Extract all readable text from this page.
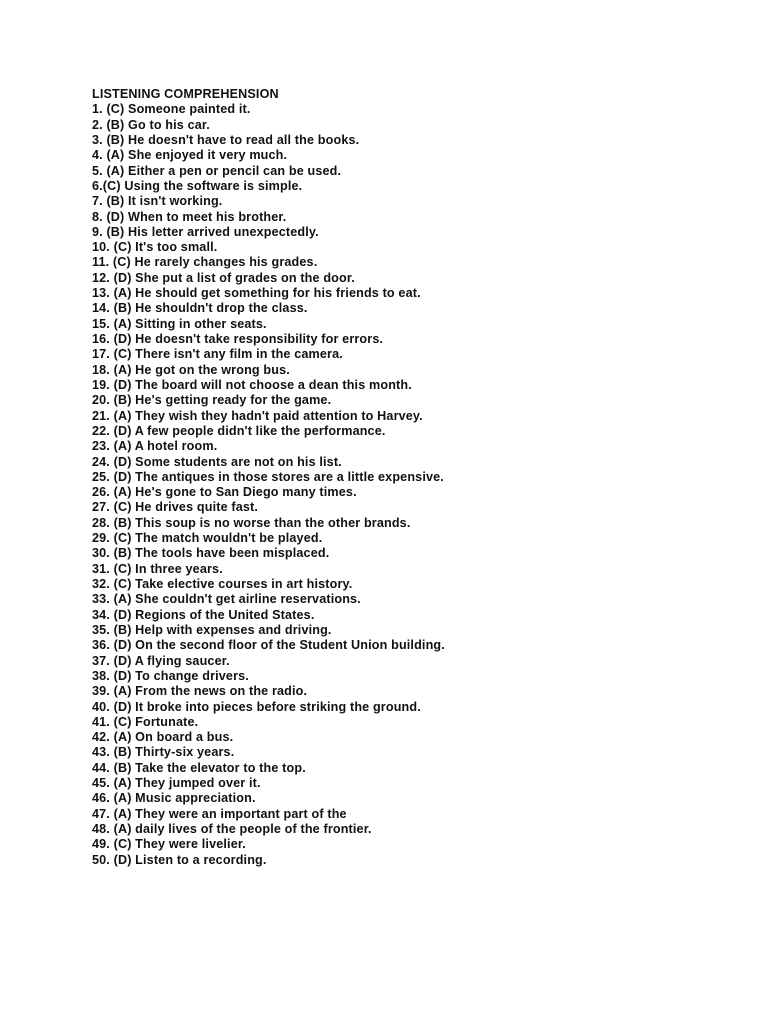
LISTENING COMPREHENSION
1. (C) Someone painted it.
2. (B) Go to his car.
3. (B) He doesn't have to read all the books.
4. (A) She enjoyed it very much.
5. (A) Either a pen or pencil can be used.
6.(C) Using the software is simple.
7. (B) It isn't working.
8. (D) When to meet his brother.
9. (B) His letter arrived unexpectedly.
10. (C) It's too small.
11. (C) He rarely changes his grades.
12. (D) She put a list of grades on the door.
13. (A) He should get something for his friends to eat.
14. (B) He shouldn't drop the class.
15. (A) Sitting in other seats.
16. (D) He doesn't take responsibility for errors.
17. (C) There isn't any film in the camera.
18. (A) He got on the wrong bus.
19. (D) The board will not choose a dean this month.
20. (B) He's getting ready for the game.
21. (A) They wish they hadn't paid attention to Harvey.
22. (D) A few people didn't like the performance.
23. (A) A hotel room.
24. (D) Some students are not on his list.
25. (D) The antiques in those stores are a little expensive.
26. (A) He's gone to San Diego many times.
27. (C) He drives quite fast.
28. (B) This soup is no worse than the other brands.
29. (C) The match wouldn't be played.
30. (B) The tools have been misplaced.
31. (C) In three years.
32. (C) Take elective courses in art history.
33. (A) She couldn't get airline reservations.
34. (D) Regions of the United States.
35. (B) Help with expenses and driving.
36. (D) On the second floor of the Student Union building.
37. (D) A flying saucer.
38. (D) To change drivers.
39. (A) From the news on the radio.
40. (D) It broke into pieces before striking the ground.
41. (C) Fortunate.
42. (A) On board a bus.
43. (B) Thirty-six years.
44. (B) Take the elevator to the top.
45. (A) They jumped over it.
46. (A) Music appreciation.
47. (A) They were an important part of the
48. (A) daily lives of the people of the frontier.
49. (C) They were livelier.
50. (D) Listen to a recording.
